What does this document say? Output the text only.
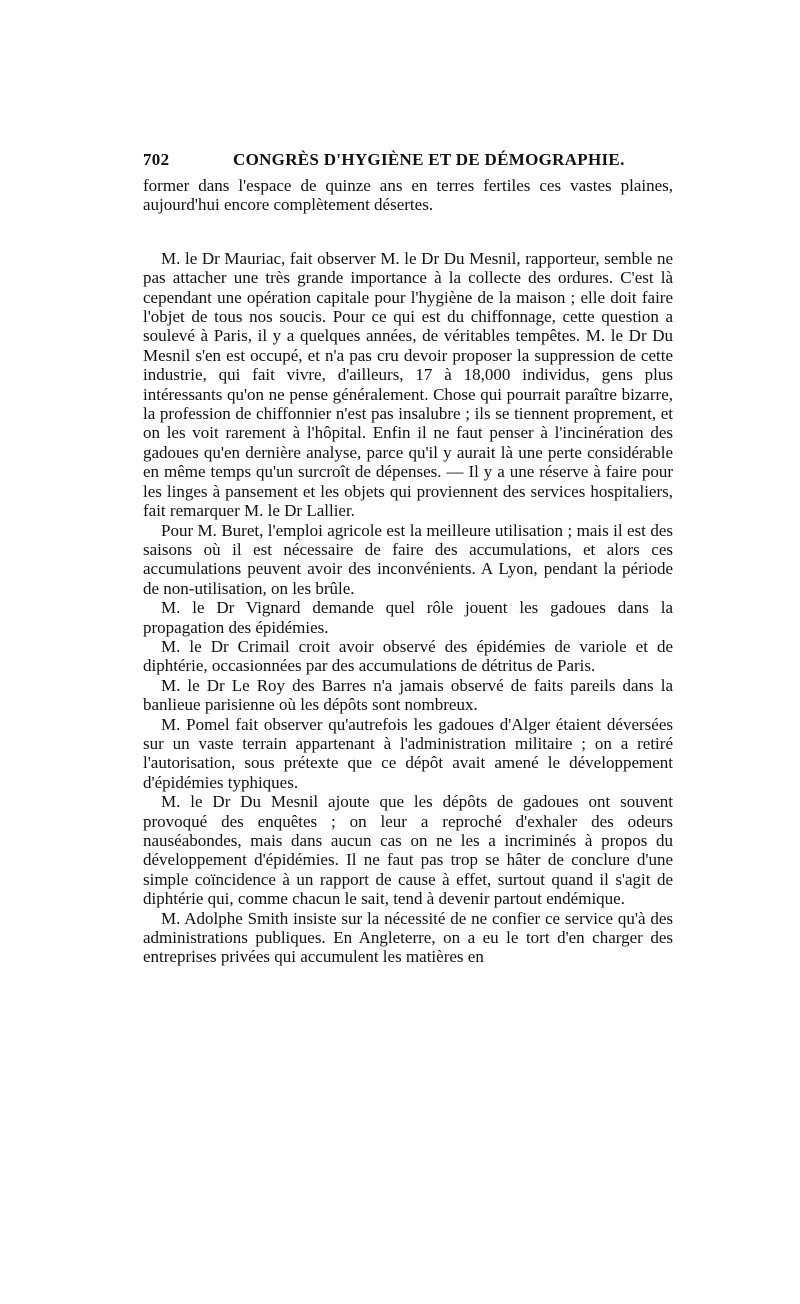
702	CONGRÈS D'HYGIÈNE ET DE DÉMOGRAPHIE.

former dans l'espace de quinze ans en terres fertiles ces vastes plaines, aujourd'hui encore complètement désertes.

M. le Dr Mauriac, fait observer M. le Dr Du Mesnil, rapporteur, semble ne pas attacher une très grande importance à la collecte des ordures. C'est là cependant une opération capitale pour l'hygiène de la maison ; elle doit faire l'objet de tous nos soucis. Pour ce qui est du chiffonnage, cette question a soulevé à Paris, il y a quelques années, de véritables tempêtes. M. le Dr Du Mesnil s'en est occupé, et n'a pas cru devoir proposer la suppression de cette industrie, qui fait vivre, d'ailleurs, 17 à 18,000 individus, gens plus intéressants qu'on ne pense généralement. Chose qui pourrait paraître bizarre, la profession de chiffonnier n'est pas insalubre ; ils se tiennent proprement, et on les voit rarement à l'hôpital. Enfin il ne faut penser à l'incinération des gadoues qu'en dernière analyse, parce qu'il y aurait là une perte considérable en même temps qu'un surcroît de dépenses. — Il y a une réserve à faire pour les linges à pansement et les objets qui proviennent des services hospitaliers, fait remarquer M. le Dr Lallier.

Pour M. Buret, l'emploi agricole est la meilleure utilisation ; mais il est des saisons où il est nécessaire de faire des accumulations, et alors ces accumulations peuvent avoir des inconvénients. A Lyon, pendant la période de non-utilisation, on les brûle.

M. le Dr Vignard demande quel rôle jouent les gadoues dans la propagation des épidémies.

M. le Dr Crimail croit avoir observé des épidémies de variole et de diphtérie, occasionnées par des accumulations de détritus de Paris.

M. le Dr Le Roy des Barres n'a jamais observé de faits pareils dans la banlieue parisienne où les dépôts sont nombreux.

M. Pomel fait observer qu'autrefois les gadoues d'Alger étaient déversées sur un vaste terrain appartenant à l'administration militaire ; on a retiré l'autorisation, sous prétexte que ce dépôt avait amené le développement d'épidémies typhiques.

M. le Dr Du Mesnil ajoute que les dépôts de gadoues ont souvent provoqué des enquêtes ; on leur a reproché d'exhaler des odeurs nauséabondes, mais dans aucun cas on ne les a incriminés à propos du développement d'épidémies. Il ne faut pas trop se hâter de conclure d'une simple coïncidence à un rapport de cause à effet, surtout quand il s'agit de diphtérie qui, comme chacun le sait, tend à devenir partout endémique.

M. Adolphe Smith insiste sur la nécessité de ne confier ce service qu'à des administrations publiques. En Angleterre, on a eu le tort d'en charger des entreprises privées qui accumulent les matières en
